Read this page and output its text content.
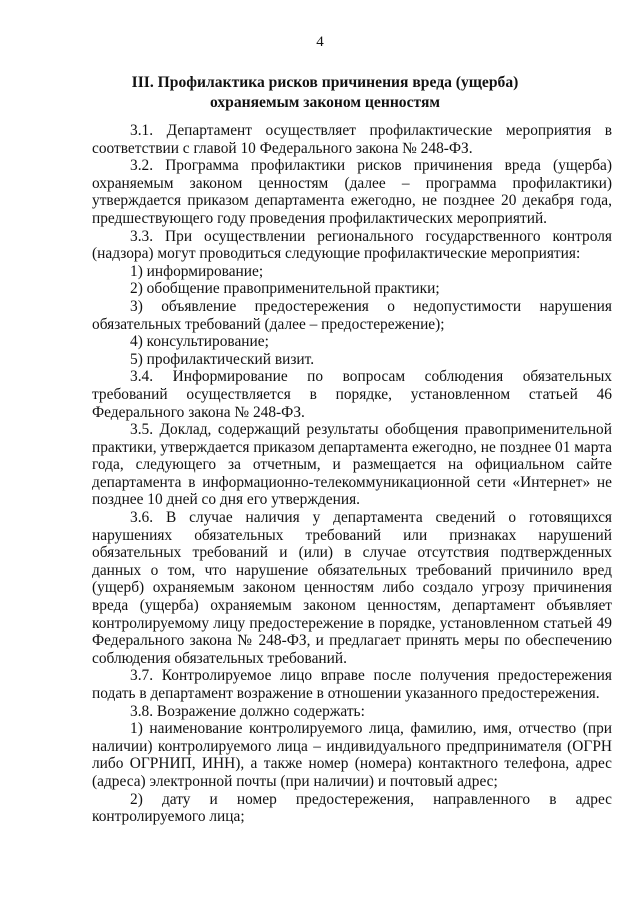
4
III. Профилактика рисков причинения вреда (ущерба)
охраняемым законом ценностям

3.1. Департамент осуществляет профилактические мероприятия в соответствии с главой 10 Федерального закона № 248-ФЗ.

3.2. Программа профилактики рисков причинения вреда (ущерба) охраняемым законом ценностям (далее – программа профилактики) утверждается приказом департамента ежегодно, не позднее 20 декабря года, предшествующего году проведения профилактических мероприятий.

3.3. При осуществлении регионального государственного контроля (надзора) могут проводиться следующие профилактические мероприятия:

1) информирование;

2) обобщение правоприменительной практики;

3) объявление предостережения о недопустимости нарушения обязательных требований (далее – предостережение);

4) консультирование;

5) профилактический визит.

3.4. Информирование по вопросам соблюдения обязательных требований осуществляется в порядке, установленном статьей 46 Федерального закона № 248-ФЗ.

3.5. Доклад, содержащий результаты обобщения правоприменительной практики, утверждается приказом департамента ежегодно, не позднее 01 марта года, следующего за отчетным, и размещается на официальном сайте департамента в информационно-телекоммуникационной сети «Интернет» не позднее 10 дней со дня его утверждения.

3.6. В случае наличия у департамента сведений о готовящихся нарушениях обязательных требований или признаках нарушений обязательных требований и (или) в случае отсутствия подтвержденных данных о том, что нарушение обязательных требований причинило вред (ущерб) охраняемым законом ценностям либо создало угрозу причинения вреда (ущерба) охраняемым законом ценностям, департамент объявляет контролируемому лицу предостережение в порядке, установленном статьей 49 Федерального закона № 248-ФЗ, и предлагает принять меры по обеспечению соблюдения обязательных требований.

3.7. Контролируемое лицо вправе после получения предостережения подать в департамент возражение в отношении указанного предостережения.

3.8. Возражение должно содержать:

1) наименование контролируемого лица, фамилию, имя, отчество (при наличии) контролируемого лица – индивидуального предпринимателя (ОГРН либо ОГРНИП, ИНН), а также номер (номера) контактного телефона, адрес (адреса) электронной почты (при наличии) и почтовый адрес;

2) дату и номер предостережения, направленного в адрес контролируемого лица;
